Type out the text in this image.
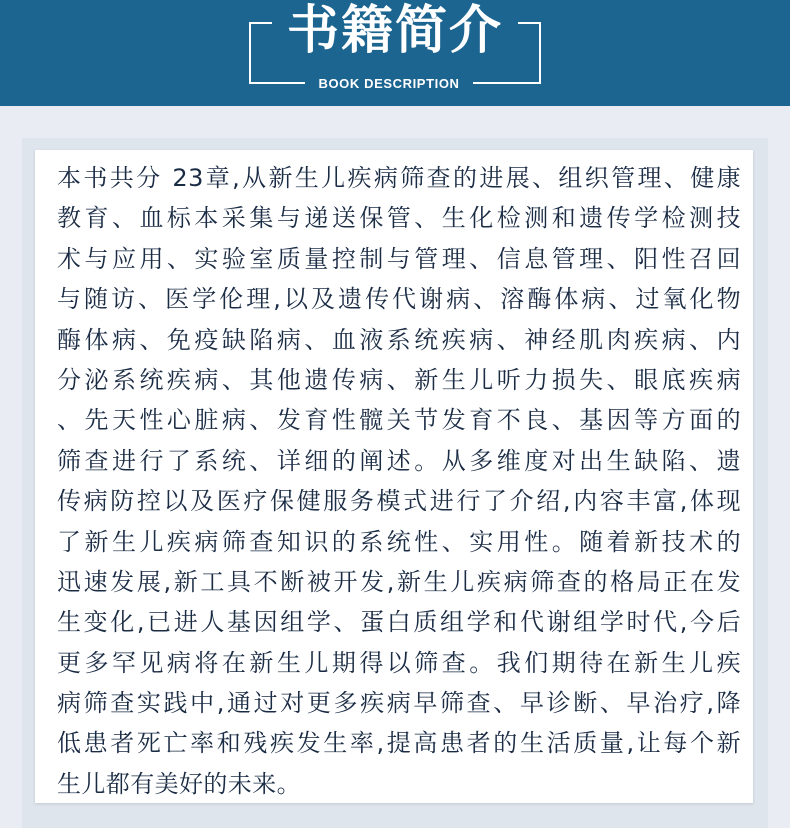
书籍简介
BOOK DESCRIPTION
本书共分 23章,从新生儿疾病筛查的进展、组织管理、健康
教育、血标本采集与递送保管、生化检测和遗传学检测技
术与应用、实验室质量控制与管理、信息管理、阳性召回
与随访、医学伦理,以及遗传代谢病、溶酶体病、过氧化物
酶体病、免疫缺陷病、血液系统疾病、神经肌肉疾病、内
分泌系统疾病、其他遗传病、新生儿听力损失、眼底疾病
、先天性心脏病、发育性髋关节发育不良、基因等方面的
筛查进行了系统、详细的阐述。从多维度对出生缺陷、遗
传病防控以及医疗保健服务模式进行了介绍,内容丰富,体现
了新生儿疾病筛查知识的系统性、实用性。随着新技术的
迅速发展,新工具不断被开发,新生儿疾病筛查的格局正在发
生变化,已进人基因组学、蛋白质组学和代谢组学时代,今后
更多罕见病将在新生儿期得以筛查。我们期待在新生儿疾
病筛查实践中,通过对更多疾病早筛查、早诊断、早治疗,降
低患者死亡率和残疾发生率,提高患者的生活质量,让每个新
生儿都有美好的未来。
